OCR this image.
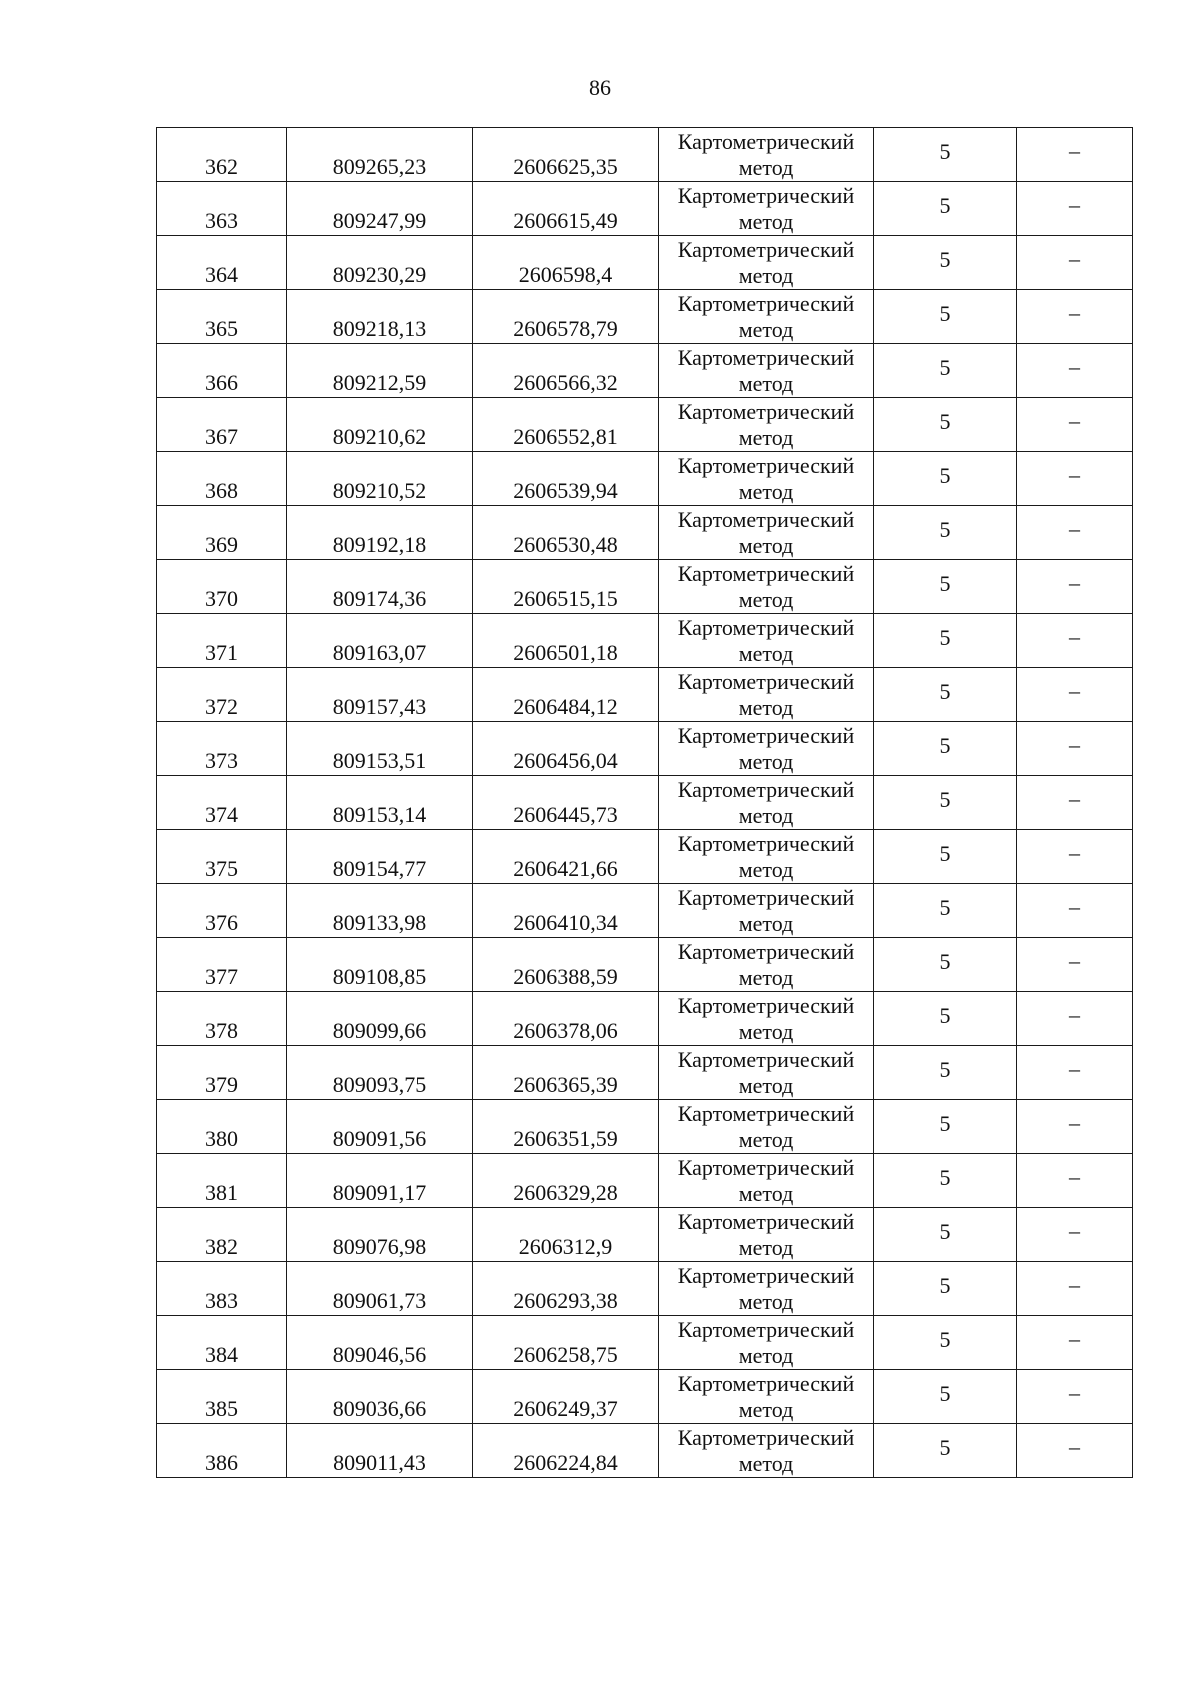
86
362	809265,23	2606625,35	Картометрический
метод	5	–
363	809247,99	2606615,49	Картометрический
метод	5	–
364	809230,29	2606598,4	Картометрический
метод	5	–
365	809218,13	2606578,79	Картометрический
метод	5	–
366	809212,59	2606566,32	Картометрический
метод	5	–
367	809210,62	2606552,81	Картометрический
метод	5	–
368	809210,52	2606539,94	Картометрический
метод	5	–
369	809192,18	2606530,48	Картометрический
метод	5	–
370	809174,36	2606515,15	Картометрический
метод	5	–
371	809163,07	2606501,18	Картометрический
метод	5	–
372	809157,43	2606484,12	Картометрический
метод	5	–
373	809153,51	2606456,04	Картометрический
метод	5	–
374	809153,14	2606445,73	Картометрический
метод	5	–
375	809154,77	2606421,66	Картометрический
метод	5	–
376	809133,98	2606410,34	Картометрический
метод	5	–
377	809108,85	2606388,59	Картометрический
метод	5	–
378	809099,66	2606378,06	Картометрический
метод	5	–
379	809093,75	2606365,39	Картометрический
метод	5	–
380	809091,56	2606351,59	Картометрический
метод	5	–
381	809091,17	2606329,28	Картометрический
метод	5	–
382	809076,98	2606312,9	Картометрический
метод	5	–
383	809061,73	2606293,38	Картометрический
метод	5	–
384	809046,56	2606258,75	Картометрический
метод	5	–
385	809036,66	2606249,37	Картометрический
метод	5	–
386	809011,43	2606224,84	Картометрический
метод	5	–
